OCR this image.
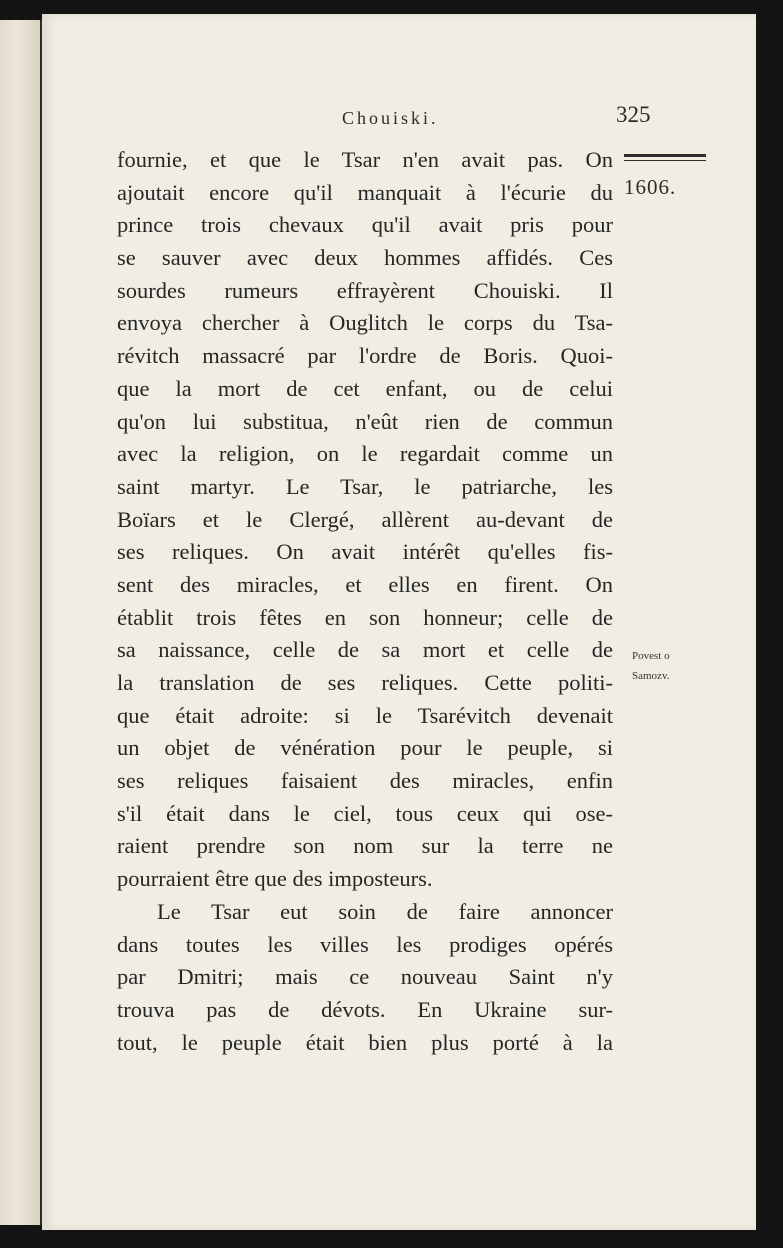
Chouiski.	325
1606.
Povest o
Samozv.
fournie, et que le Tsar n'en avait pas. On
ajoutait encore qu'il manquait à l'écurie du
prince trois chevaux qu'il avait pris pour
se sauver avec deux hommes affidés. Ces
sourdes rumeurs effrayèrent Chouiski. Il
envoya chercher à Ouglitch le corps du Tsa-
révitch massacré par l'ordre de Boris. Quoi-
que la mort de cet enfant, ou de celui
qu'on lui substitua, n'eût rien de commun
avec la religion, on le regardait comme un
saint martyr. Le Tsar, le patriarche, les
Boïars et le Clergé, allèrent au-devant de
ses reliques. On avait intérêt qu'elles fis-
sent des miracles, et elles en firent. On
établit trois fêtes en son honneur; celle de
sa naissance, celle de sa mort et celle de
la translation de ses reliques. Cette politi-
que était adroite: si le Tsarévitch devenait
un objet de vénération pour le peuple, si
ses reliques faisaient des miracles, enfin
s'il était dans le ciel, tous ceux qui ose-
raient prendre son nom sur la terre ne
pourraient être que des imposteurs.
Le Tsar eut soin de faire annoncer
dans toutes les villes les prodiges opérés
par Dmitri; mais ce nouveau Saint n'y
trouva pas de dévots. En Ukraine sur-
tout, le peuple était bien plus porté à la
